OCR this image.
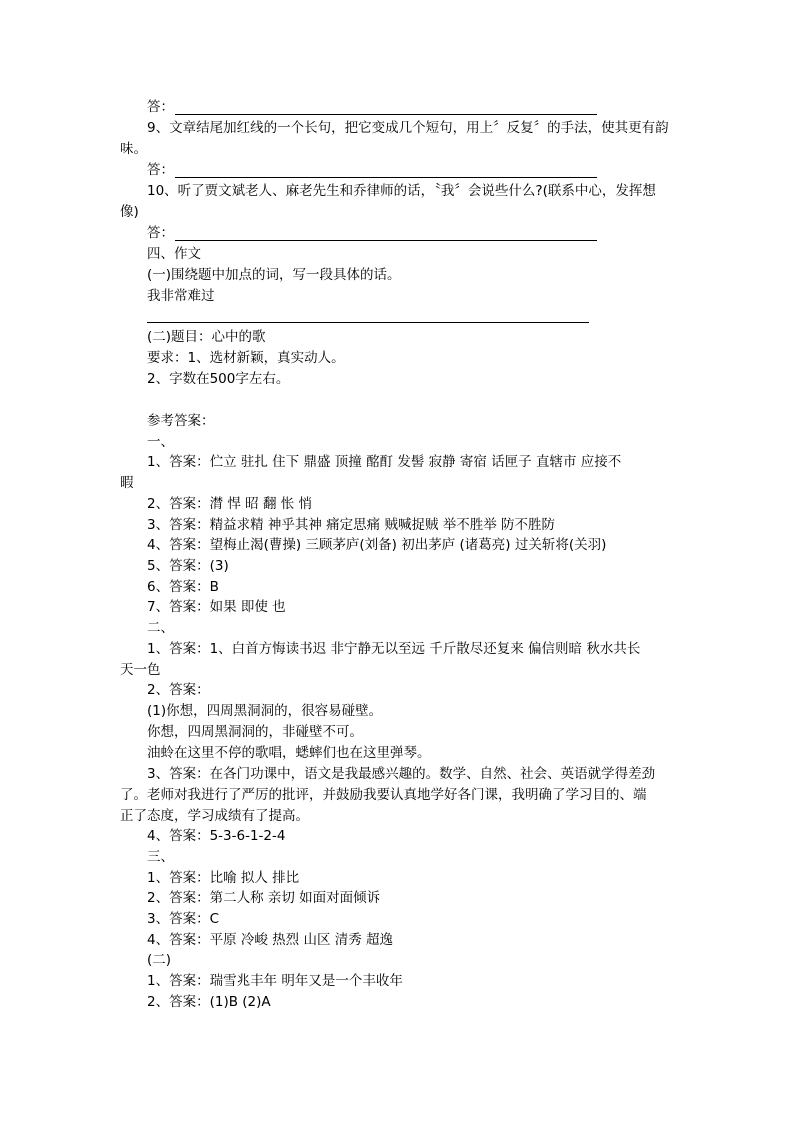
答：
9、文章结尾加红线的一个长句，把它变成几个短句，用上〞反复〞的手法，使其更有韵
味。
答：
10、听了贾文斌老人、麻老先生和乔律师的话，〝我〞会说些什么?(联系中心，发挥想
像)
答：
四、作文
(一)围绕题中加点的词，写一段具体的话。
我非常难过
(二)题目：心中的歌
要求：1、选材新颖，真实动人。
2、字数在500字左右。
参考答案：
一、
1、答案：伫立 驻扎 住下 鼎盛 顶撞 酩酊 发髻 寂静 寄宿 话匣子 直辖市 应接不
暇
2、答案：潸 悍 昭 翻 怅 悄
3、答案：精益求精 神乎其神 痛定思痛 贼喊捉贼 举不胜举 防不胜防
4、答案：望梅止渴(曹操) 三顾茅庐(刘备) 初出茅庐 (诸葛亮) 过关斩将(关羽)
5、答案：(3)
6、答案：B
7、答案：如果 即使 也
二、
1、答案：1、白首方悔读书迟 非宁静无以至远 千斤散尽还复来 偏信则暗 秋水共长
天一色
2、答案：
(1)你想，四周黑洞洞的，很容易碰壁。
你想，四周黑洞洞的，非碰壁不可。
油蛉在这里不停的歌唱，蟋蟀们也在这里弹琴。
3、答案：在各门功课中，语文是我最感兴趣的。数学、自然、社会、英语就学得差劲
了。老师对我进行了严厉的批评，并鼓励我要认真地学好各门课，我明确了学习目的、端
正了态度，学习成绩有了提高。
4、答案：5-3-6-1-2-4
三、
1、答案：比喻 拟人 排比
2、答案：第二人称 亲切 如面对面倾诉
3、答案：C
4、答案：平原 冷峻 热烈 山区 清秀 超逸
(二)
1、答案：瑞雪兆丰年 明年又是一个丰收年
2、答案：(1)B (2)A
